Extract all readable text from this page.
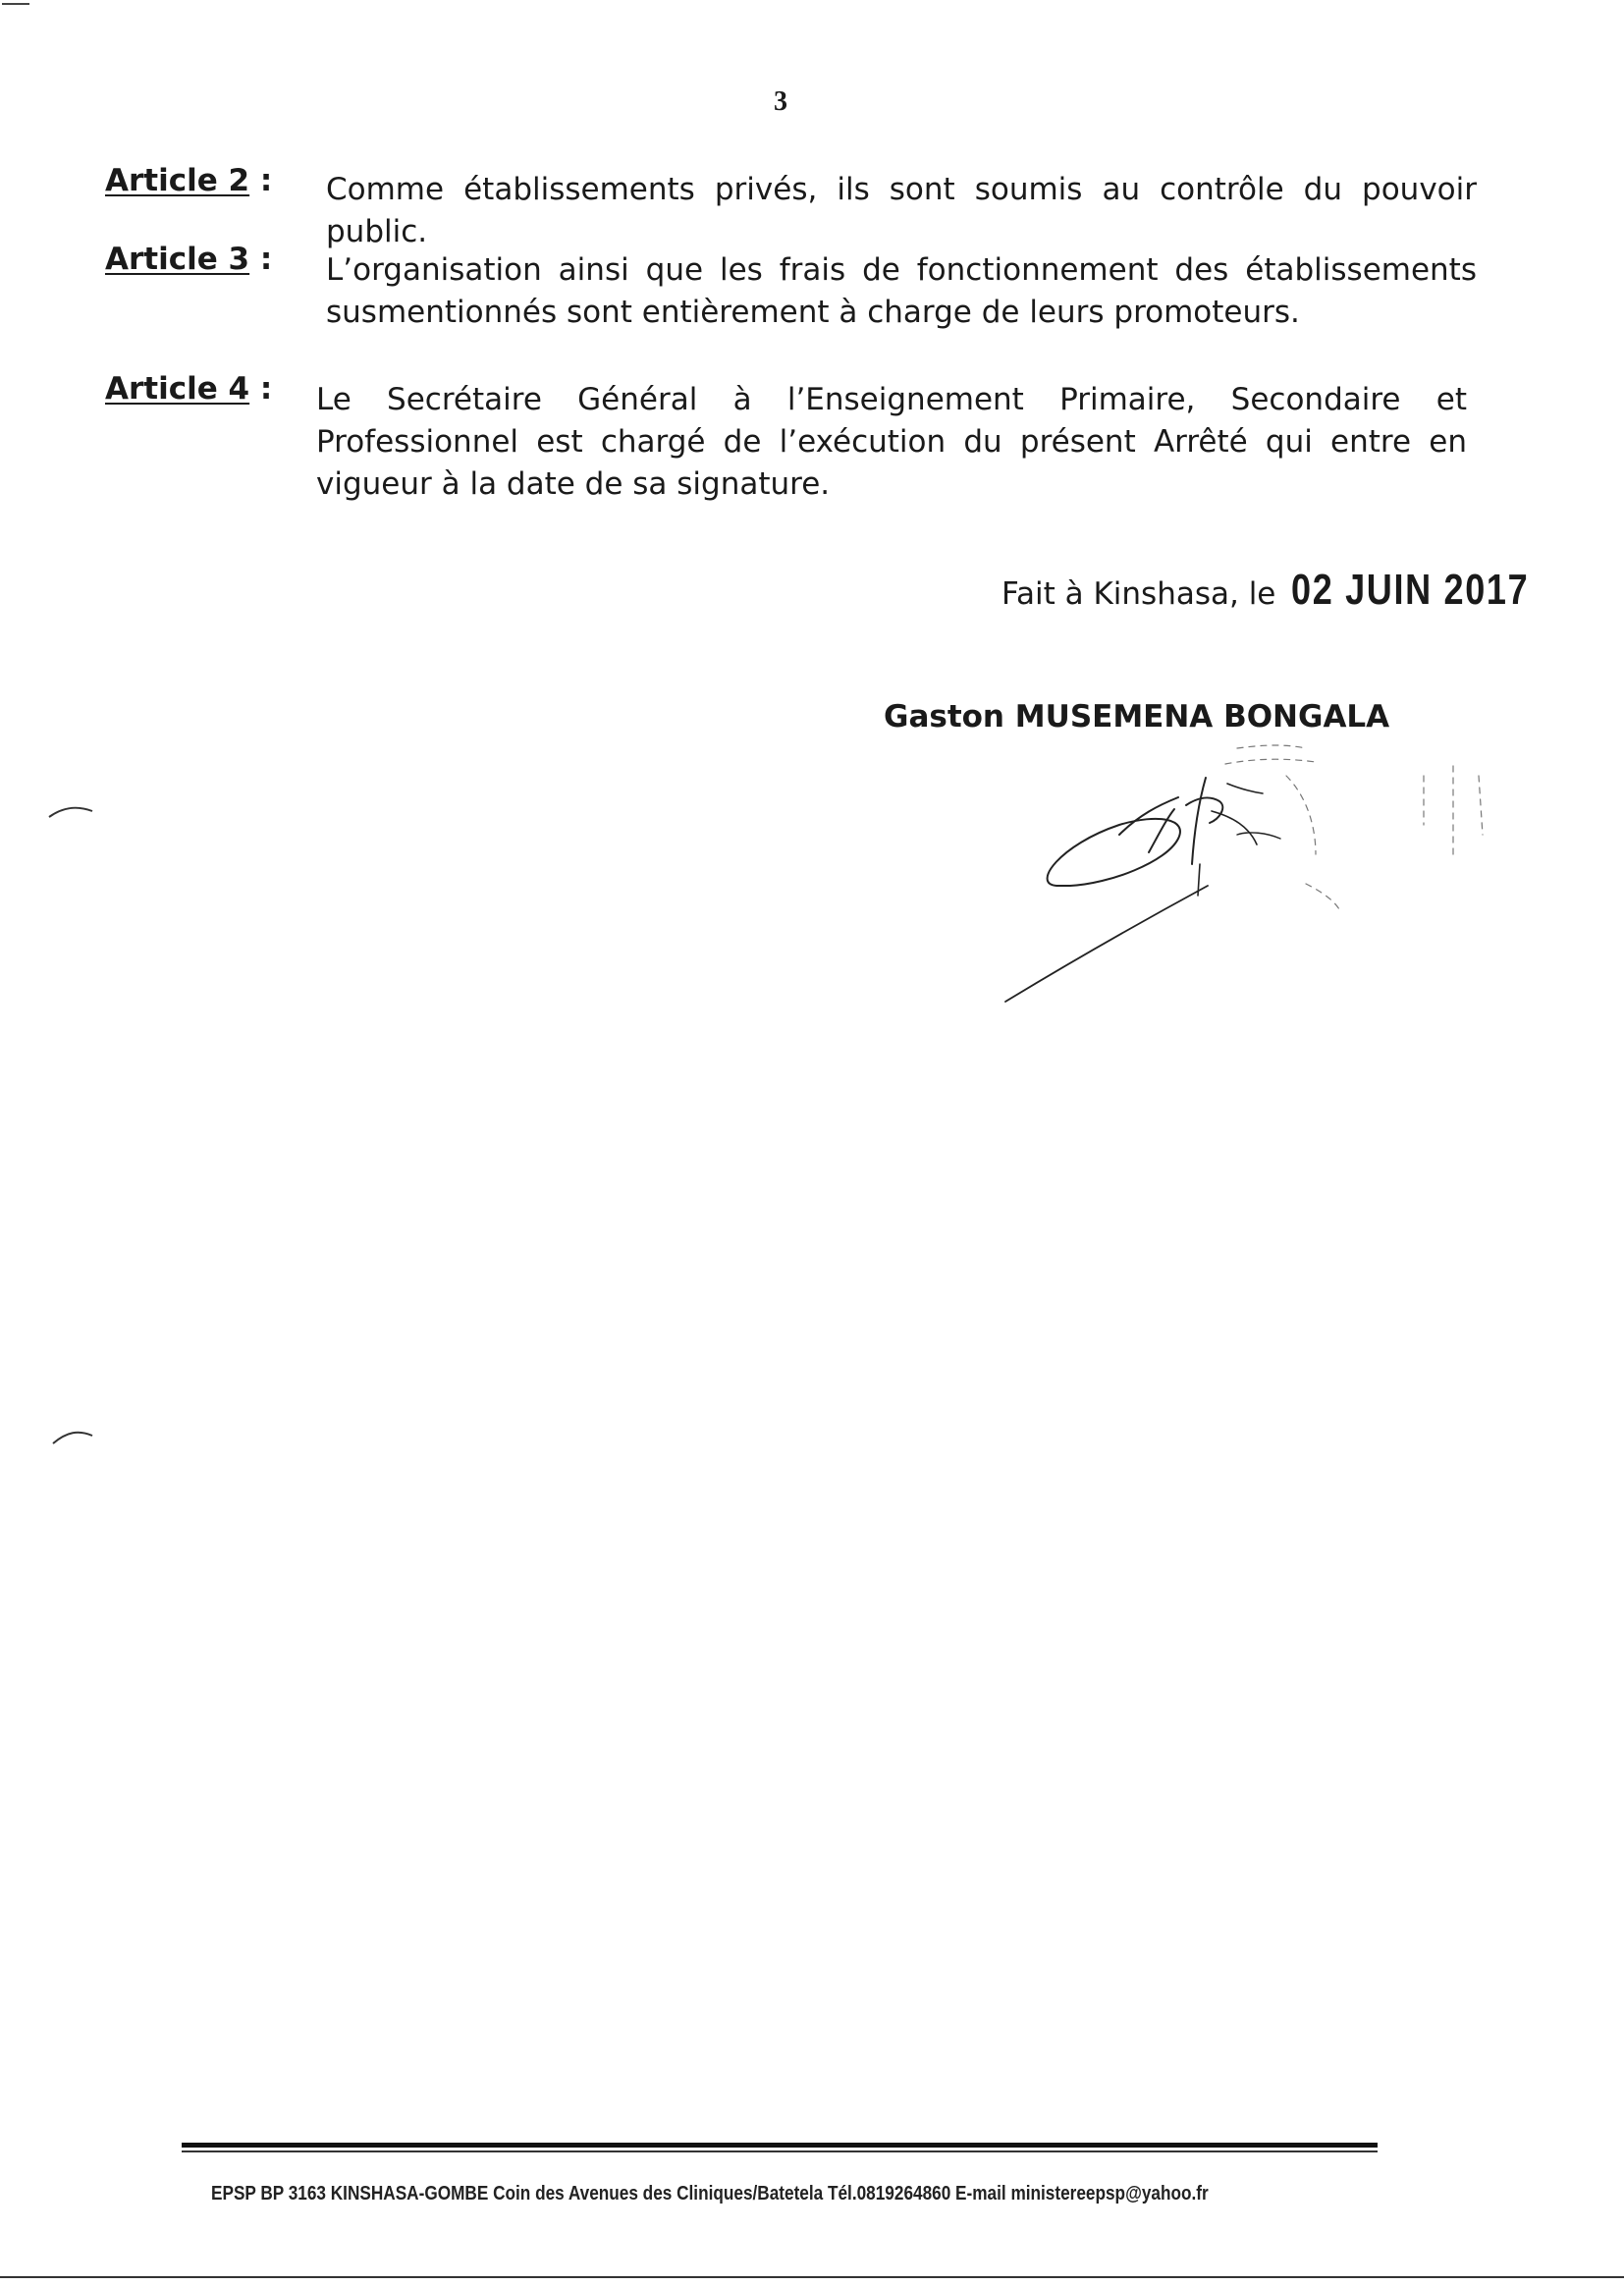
3
Article 2 : Comme établissements privés, ils sont soumis au contrôle du pouvoir public.
Article 3 : L’organisation ainsi que les frais de fonctionnement des établissements susmentionnés sont entièrement à charge de leurs promoteurs.
Article 4 : Le Secrétaire Général à l’Enseignement Primaire, Secondaire et Professionnel est chargé de l’exécution du présent Arrêté qui entre en vigueur à la date de sa signature.
Fait à Kinshasa, le 02 JUIN 2017
Gaston MUSEMENA BONGALA
EPSP BP 3163 KINSHASA-GOMBE Coin des Avenues des Cliniques/Batetela Tél.0819264860 E-mail ministereepsp@yahoo.fr
